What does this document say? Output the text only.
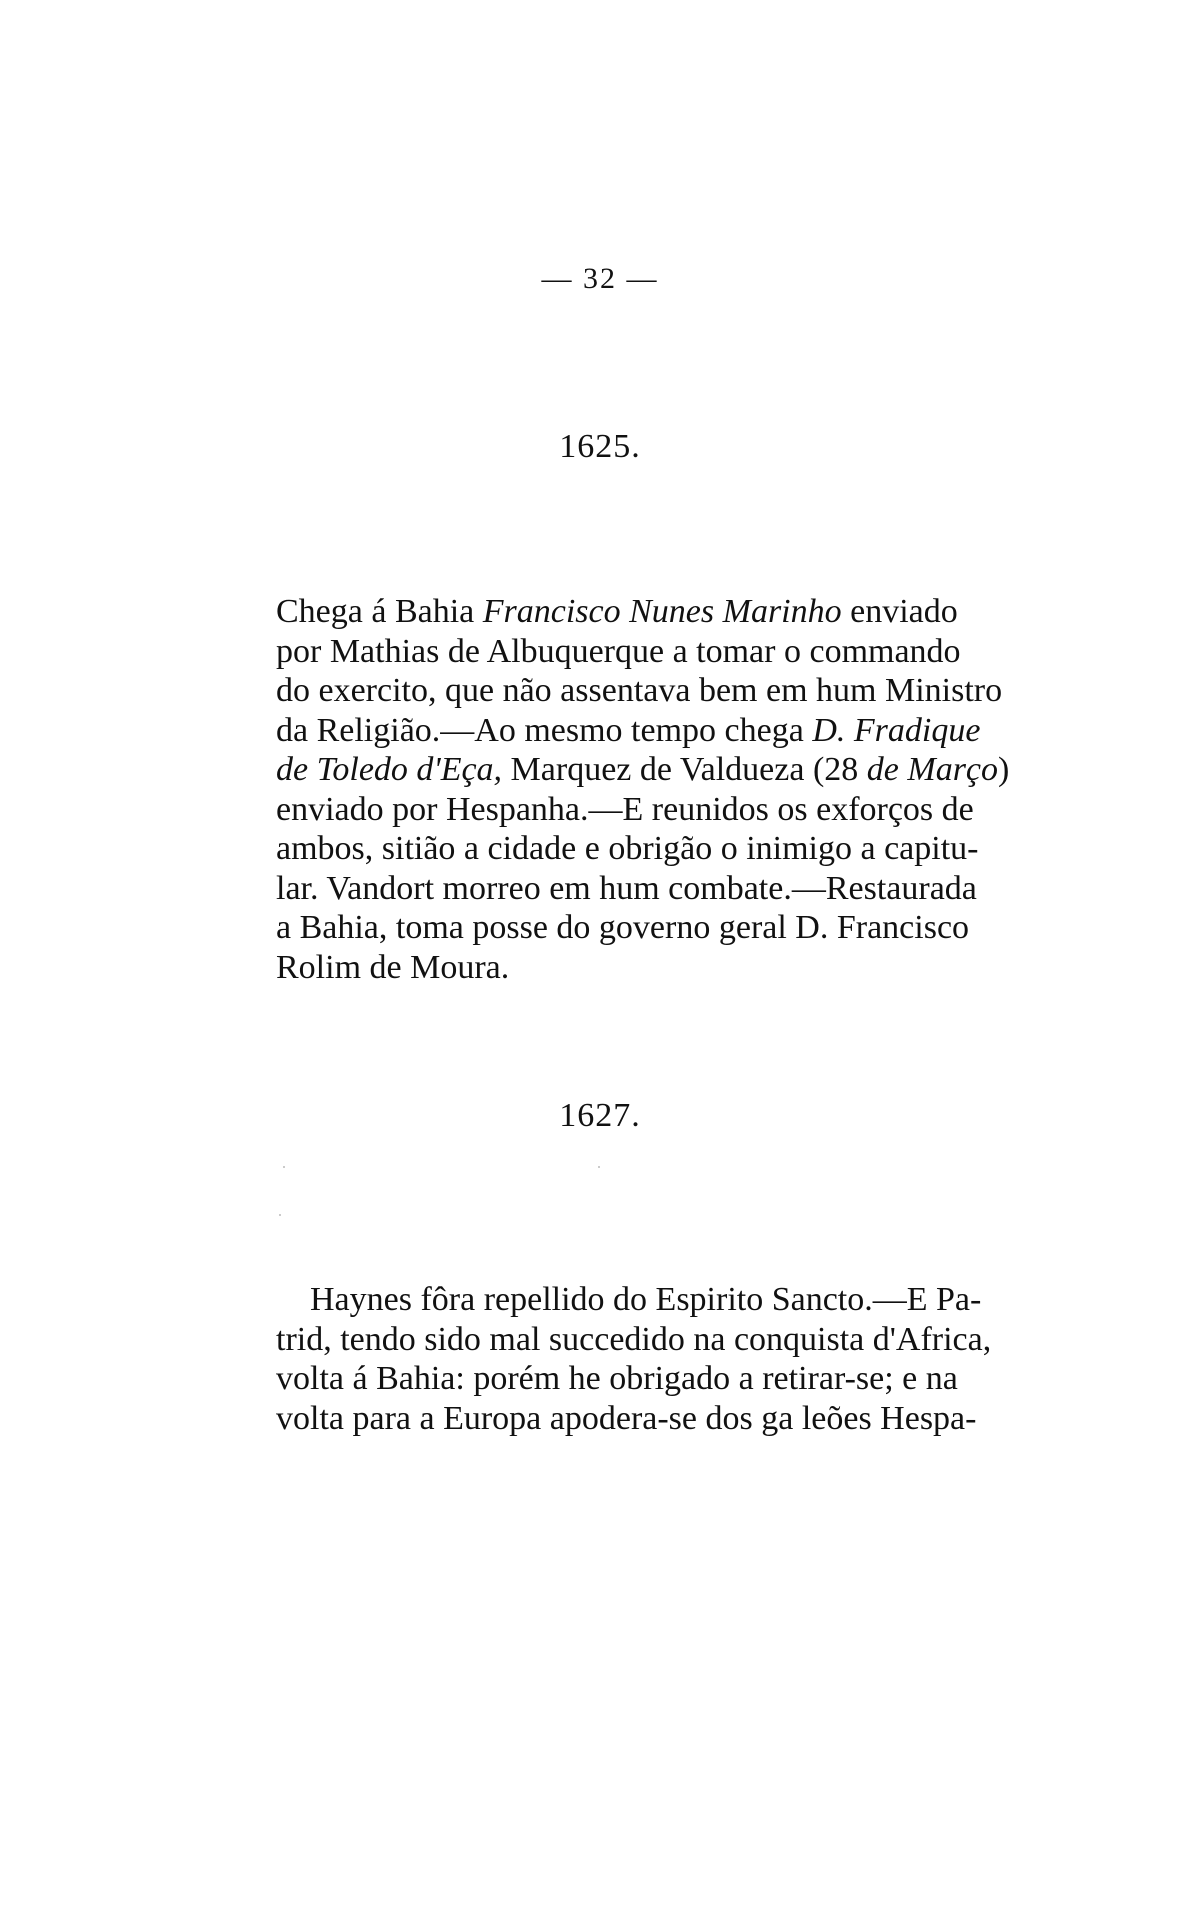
— 32 —
1625.
Chega á Bahia Francisco Nunes Marinho enviado
por Mathias de Albuquerque a tomar o commando
do exercito, que não assentava bem em hum Ministro
da Religião.—Ao mesmo tempo chega D. Fradique
de Toledo d'Eça, Marquez de Valdueza (28 de Março)
enviado por Hespanha.—E reunidos os exforços de
ambos, sitião a cidade e obrigão o inimigo a capitu-
lar. Vandort morreo em hum combate.—Restaurada
a Bahia, toma posse do governo geral D. Francisco
Rolim de Moura.
1627.
Haynes fôra repellido do Espirito Sancto.—E Pa-
trid, tendo sido mal succedido na conquista d'Africa,
volta á Bahia: porém he obrigado a retirar-se; e na
volta para a Europa apodera-se dos ga leões Hespa-
